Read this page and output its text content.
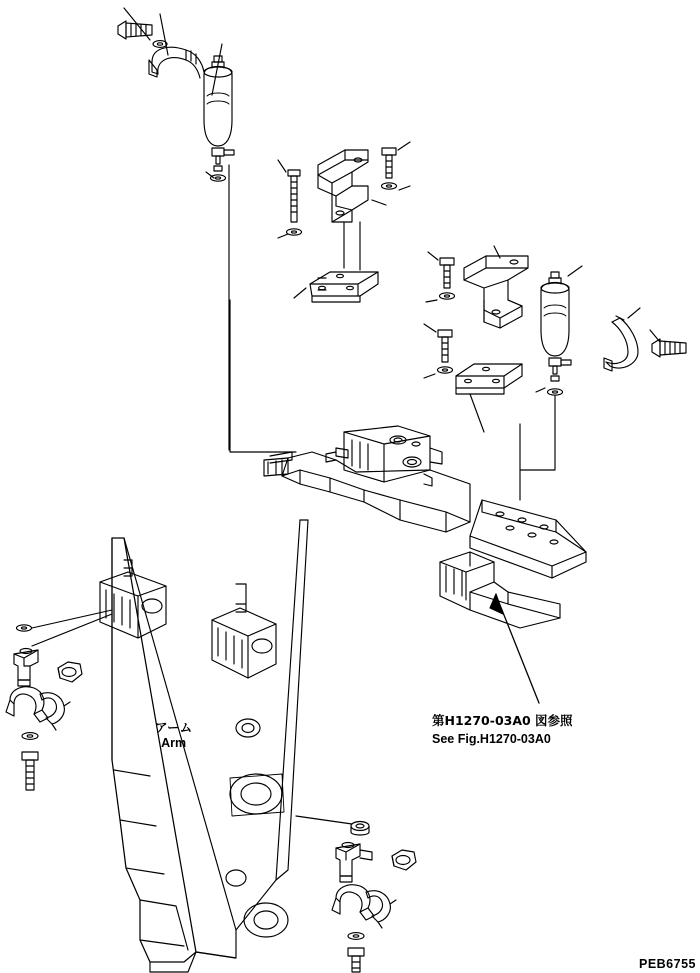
アーム
Arm
第H1270-03A0 図参照
See Fig.H1270-03A0
PEB6755
